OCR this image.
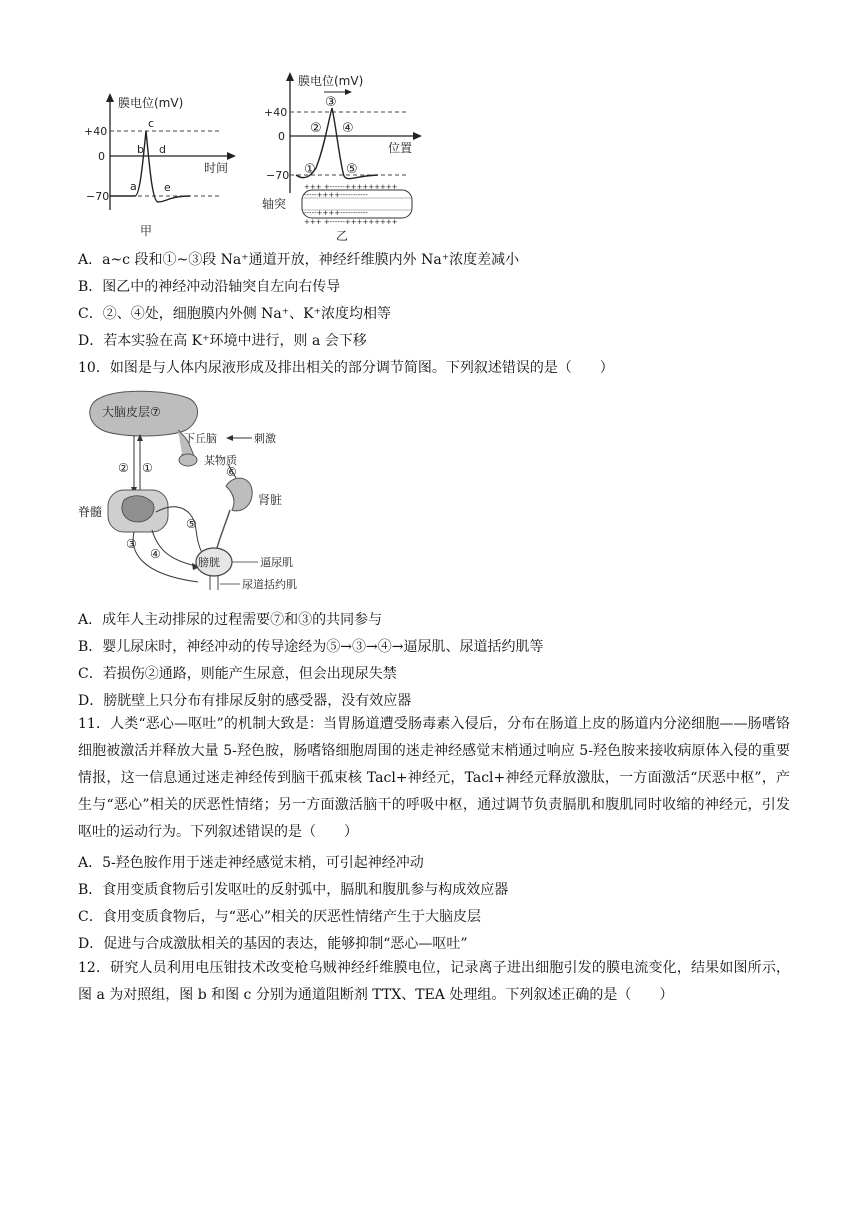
膜电位(mV)
时间
+40
0
−70
a
b
c
d
e
甲
膜电位(mV)
位置
+40
0
−70 ①
②
③
④
⑤
+++ +------+++++++++
-----++++-----------
-----++++-----------
+++ +------+++++++++
轴突
乙
A．a~c 段和①~③段 Na⁺通道开放，神经纤维膜内外 Na⁺浓度差减小
B．图乙中的神经冲动沿轴突自左向右传导
C．②、④处，细胞膜内外侧 Na⁺、K⁺浓度均相等
D．若本实验在高 K⁺环境中进行，则 a 会下移
10．如图是与人体内尿液形成及排出相关的部分调节简图。下列叙述错误的是（　　）
大脑皮层⑦
下丘脑	刺激
某物质
② ①
脊髓
肾脏
⑥
⑤
④
③
膀胱	逼尿肌
尿道括约肌
A．成年人主动排尿的过程需要⑦和③的共同参与
B．婴儿尿床时，神经冲动的传导途经为⑤→③→④→逼尿肌、尿道括约肌等
C．若损伤②通路，则能产生尿意，但会出现尿失禁
D．膀胱壁上只分布有排尿反射的感受器，没有效应器
11．人类“恶心—呕吐”的机制大致是：当胃肠道遭受肠毒素入侵后，分布在肠道上皮的肠道内分泌细胞——肠嗜铬细胞被激活并释放大量 5-羟色胺，肠嗜铬细胞周围的迷走神经感觉末梢通过响应 5-羟色胺来接收病原体入侵的重要情报，这一信息通过迷走神经传到脑干孤束核 Tacl+神经元，Tacl+神经元释放激肽，一方面激活“厌恶中枢”，产生与“恶心”相关的厌恶性情绪；另一方面激活脑干的呼吸中枢，通过调节负责膈肌和腹肌同时收缩的神经元，引发呕吐的运动行为。下列叙述错误的是（　　）
A．5-羟色胺作用于迷走神经感觉末梢，可引起神经冲动
B．食用变质食物后引发呕吐的反射弧中，膈肌和腹肌参与构成效应器
C．食用变质食物后，与“恶心”相关的厌恶性情绪产生于大脑皮层
D．促进与合成激肽相关的基因的表达，能够抑制“恶心—呕吐”
12．研究人员利用电压钳技术改变枪乌贼神经纤维膜电位，记录离子进出细胞引发的膜电流变化，结果如图所示，图 a 为对照组，图 b 和图 c 分别为通道阻断剂 TTX、TEA 处理组。下列叙述正确的是（　　）
